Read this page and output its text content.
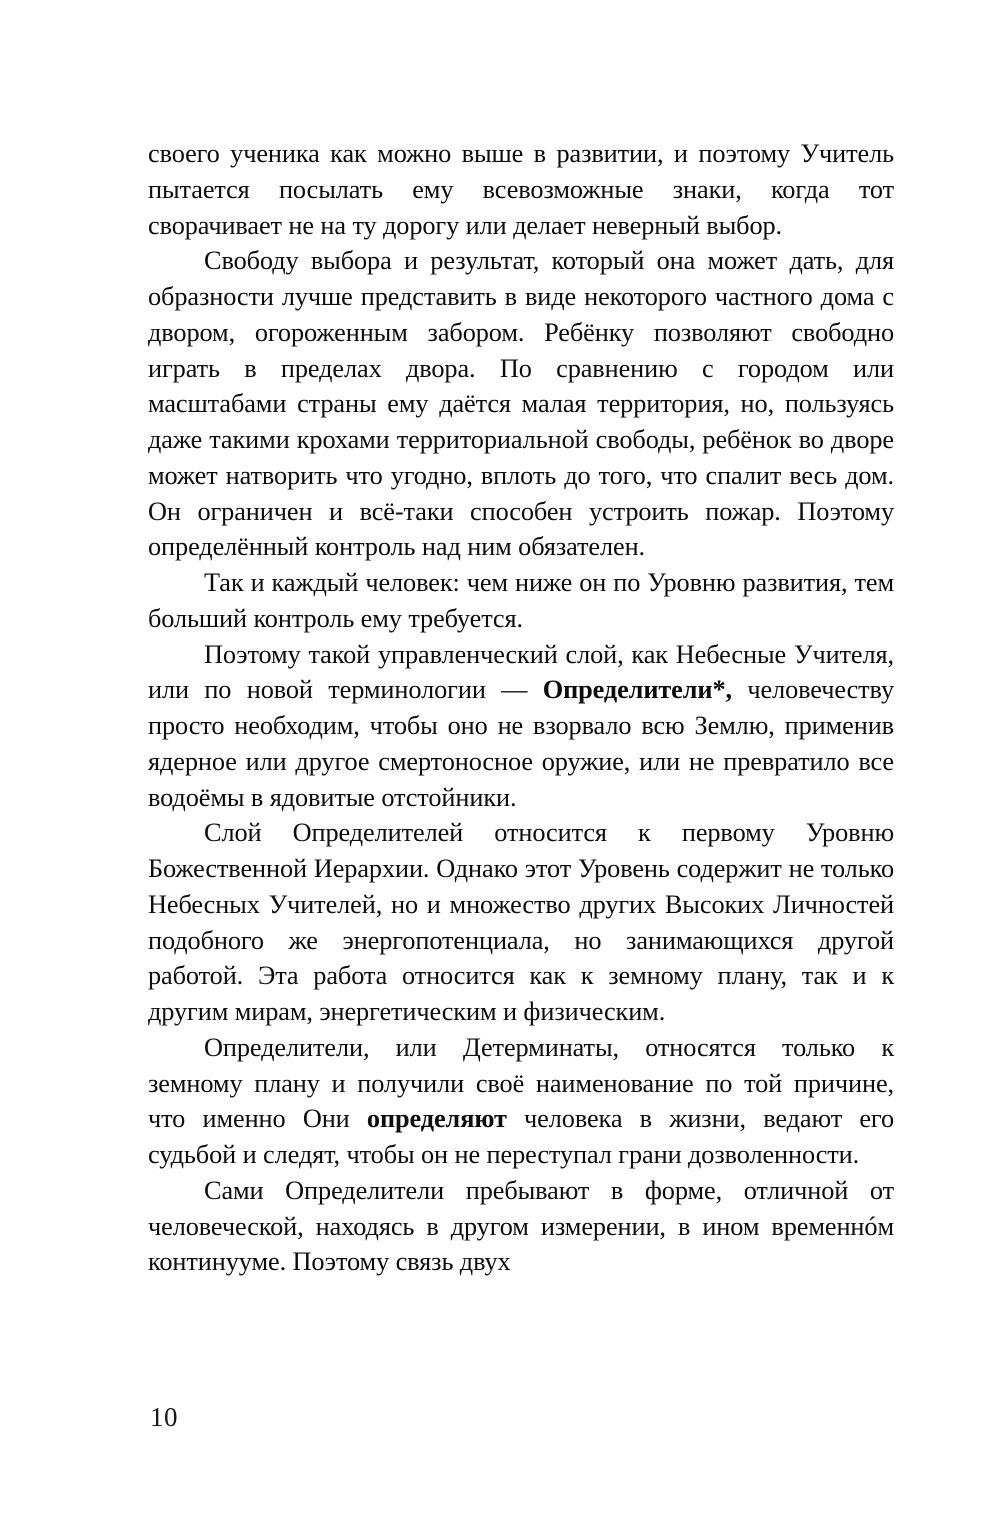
своего ученика как можно выше в развитии, и поэтому Учитель пытается посылать ему всевозможные знаки, когда тот сворачивает не на ту дорогу или делает неверный выбор.

Свободу выбора и результат, который она может дать, для образности лучше представить в виде некоторого частного дома с двором, огороженным забором. Ребёнку позволяют свободно играть в пределах двора. По сравнению с городом или масштабами страны ему даётся малая территория, но, пользуясь даже такими крохами территориальной свободы, ребёнок во дворе может натворить что угодно, вплоть до того, что спалит весь дом. Он ограничен и всё-таки способен устроить пожар. Поэтому определённый контроль над ним обязателен.

Так и каждый человек: чем ниже он по Уровню развития, тем больший контроль ему требуется.

Поэтому такой управленческий слой, как Небесные Учителя, или по новой терминологии — Определители*, человечеству просто необходим, чтобы оно не взорвало всю Землю, применив ядерное или другое смертоносное оружие, или не превратило все водоёмы в ядовитые отстойники.

Слой Определителей относится к первому Уровню Божественной Иерархии. Однако этот Уровень содержит не только Небесных Учителей, но и множество других Высоких Личностей подобного же энергопотенциала, но занимающихся другой работой. Эта работа относится как к земному плану, так и к другим мирам, энергетическим и физическим.

Определители, или Детерминаты, относятся только к земному плану и получили своё наименование по той причине, что именно Они определяют человека в жизни, ведают его судьбой и следят, чтобы он не переступал грани дозволенности.

Сами Определители пребывают в форме, отличной от человеческой, находясь в другом измерении, в ином временнóм континууме. Поэтому связь двух

10
